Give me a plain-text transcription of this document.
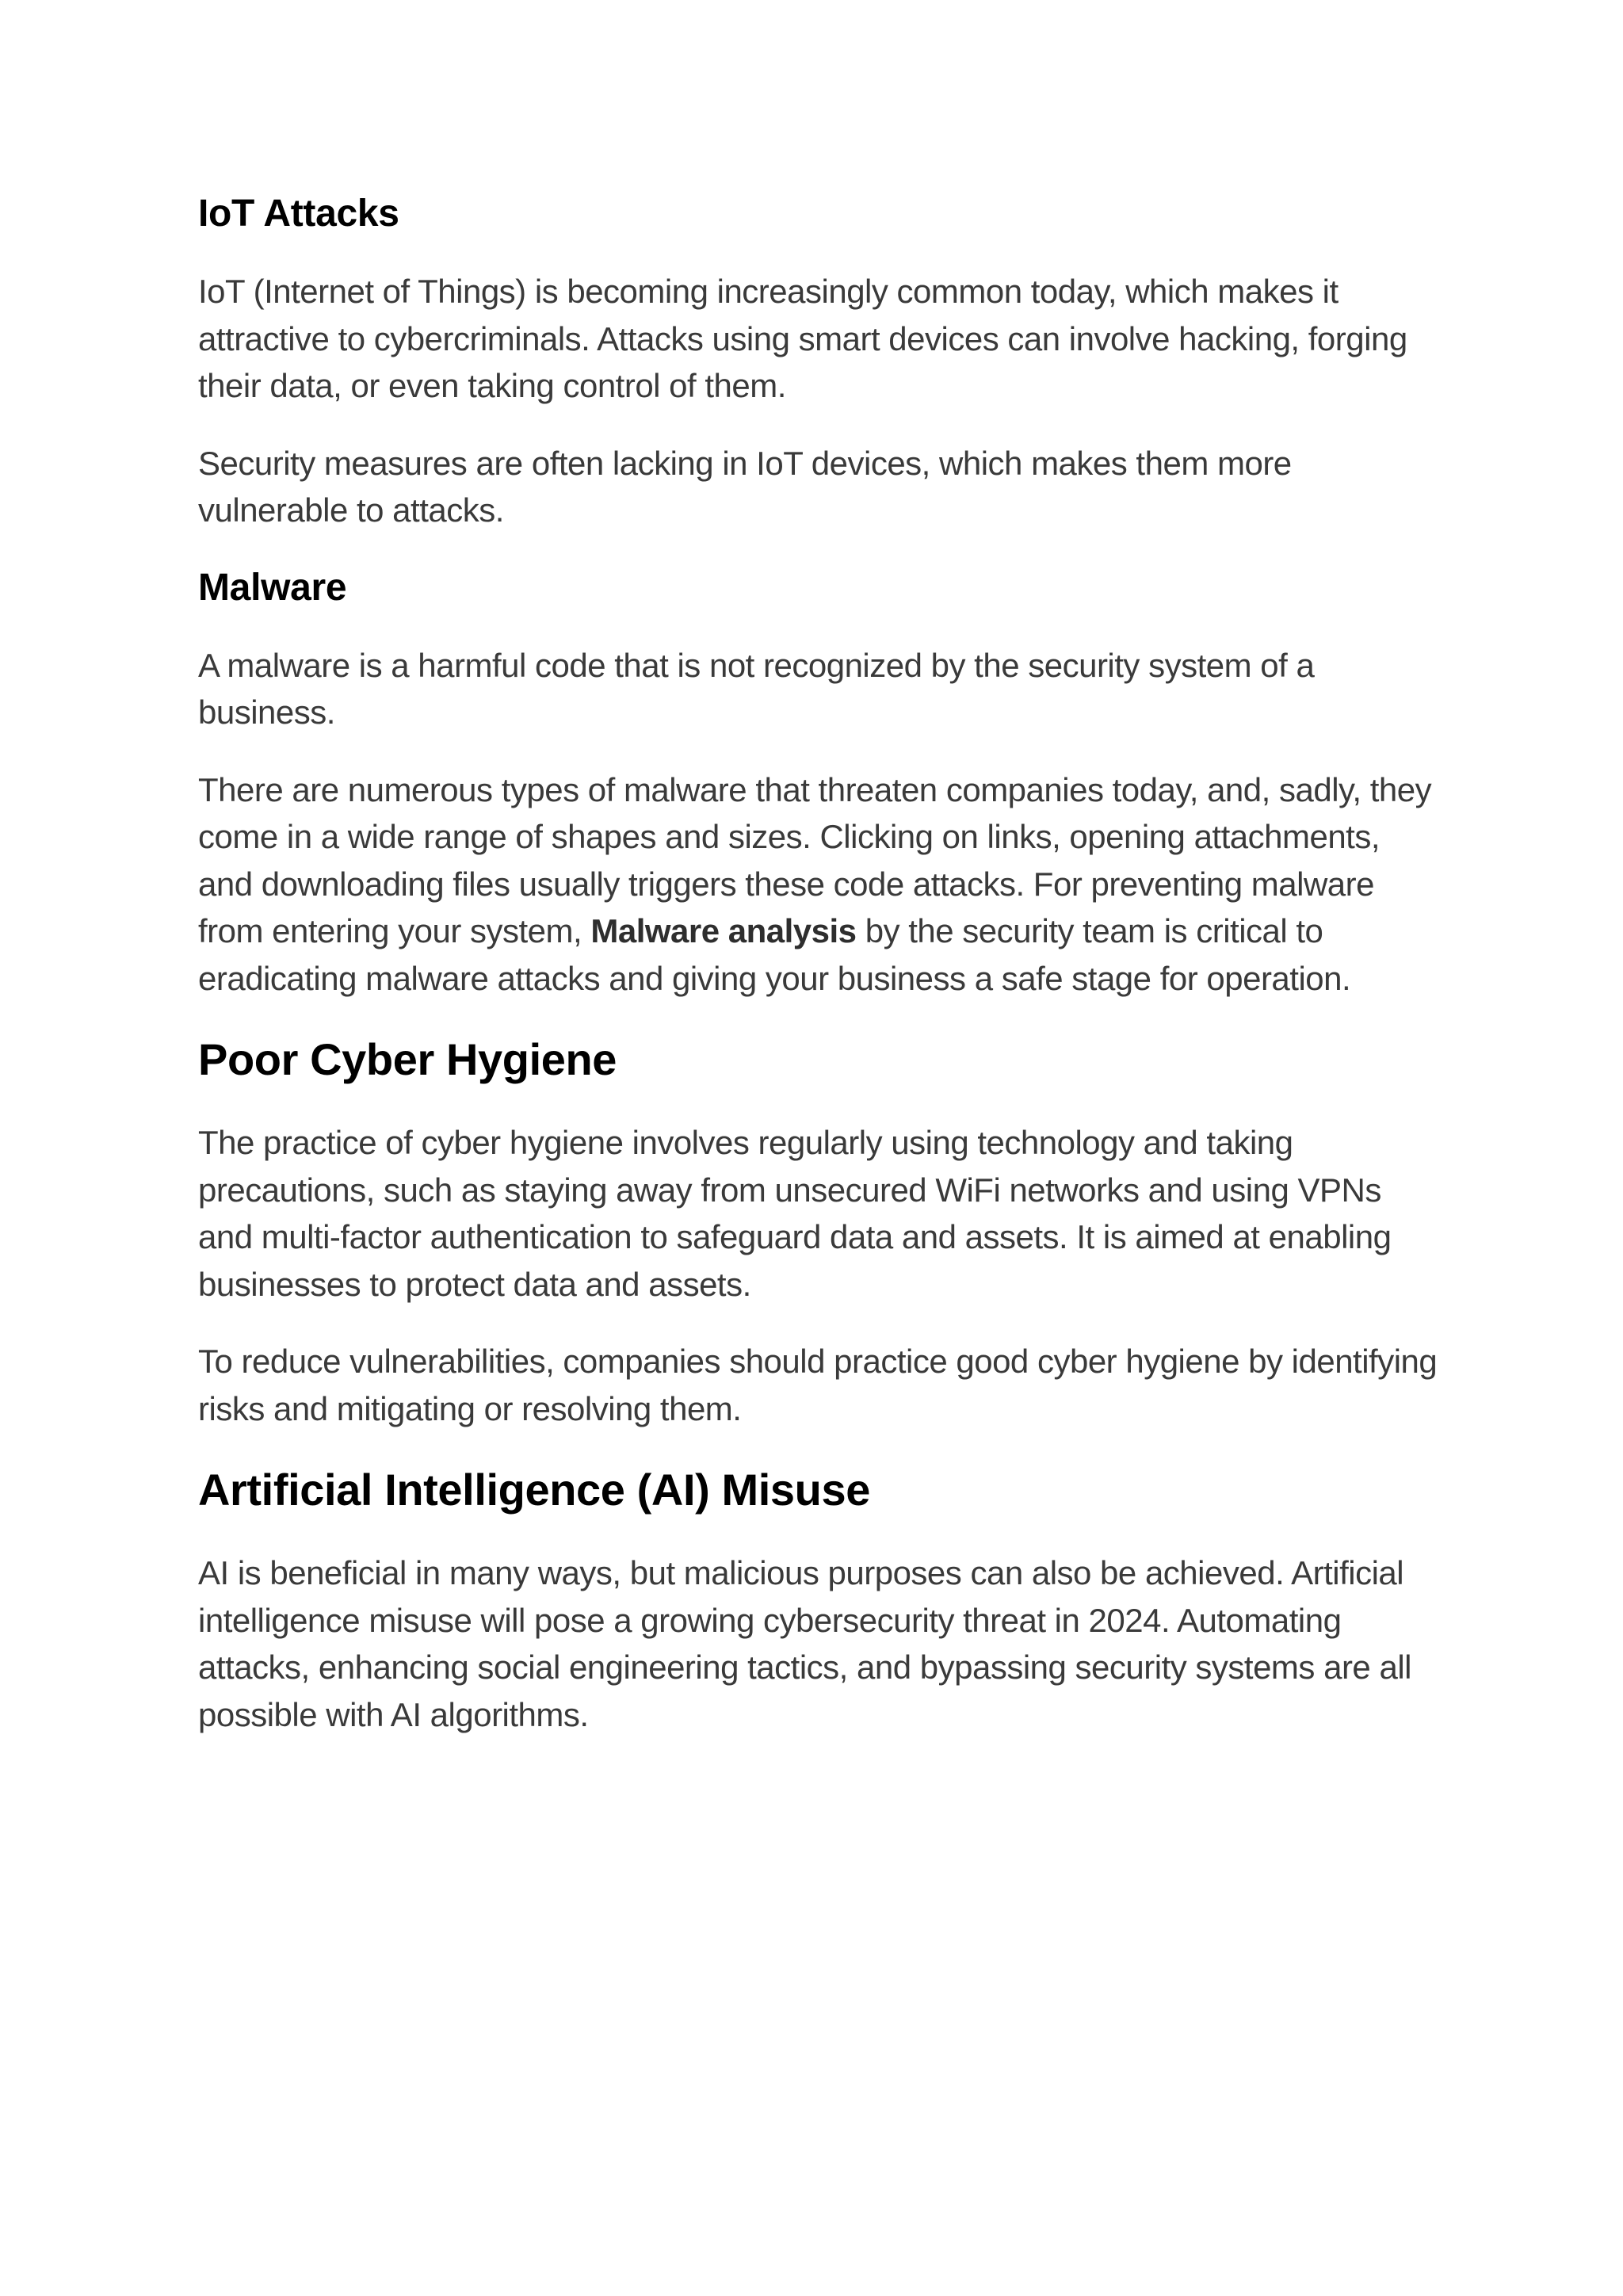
IoT Attacks

IoT (Internet of Things) is becoming increasingly common today, which makes it attractive to cybercriminals. Attacks using smart devices can involve hacking, forging their data, or even taking control of them.

Security measures are often lacking in IoT devices, which makes them more vulnerable to attacks.

Malware

A malware is a harmful code that is not recognized by the security system of a business.

There are numerous types of malware that threaten companies today, and, sadly, they come in a wide range of shapes and sizes. Clicking on links, opening attachments, and downloading files usually triggers these code attacks. For preventing malware from entering your system, Malware analysis by the security team is critical to eradicating malware attacks and giving your business a safe stage for operation.

Poor Cyber Hygiene

The practice of cyber hygiene involves regularly using technology and taking precautions, such as staying away from unsecured WiFi networks and using VPNs and multi-factor authentication to safeguard data and assets. It is aimed at enabling businesses to protect data and assets.

To reduce vulnerabilities, companies should practice good cyber hygiene by identifying risks and mitigating or resolving them.

Artificial Intelligence (AI) Misuse

AI is beneficial in many ways, but malicious purposes can also be achieved. Artificial intelligence misuse will pose a growing cybersecurity threat in 2024. Automating attacks, enhancing social engineering tactics, and bypassing security systems are all possible with AI algorithms.
